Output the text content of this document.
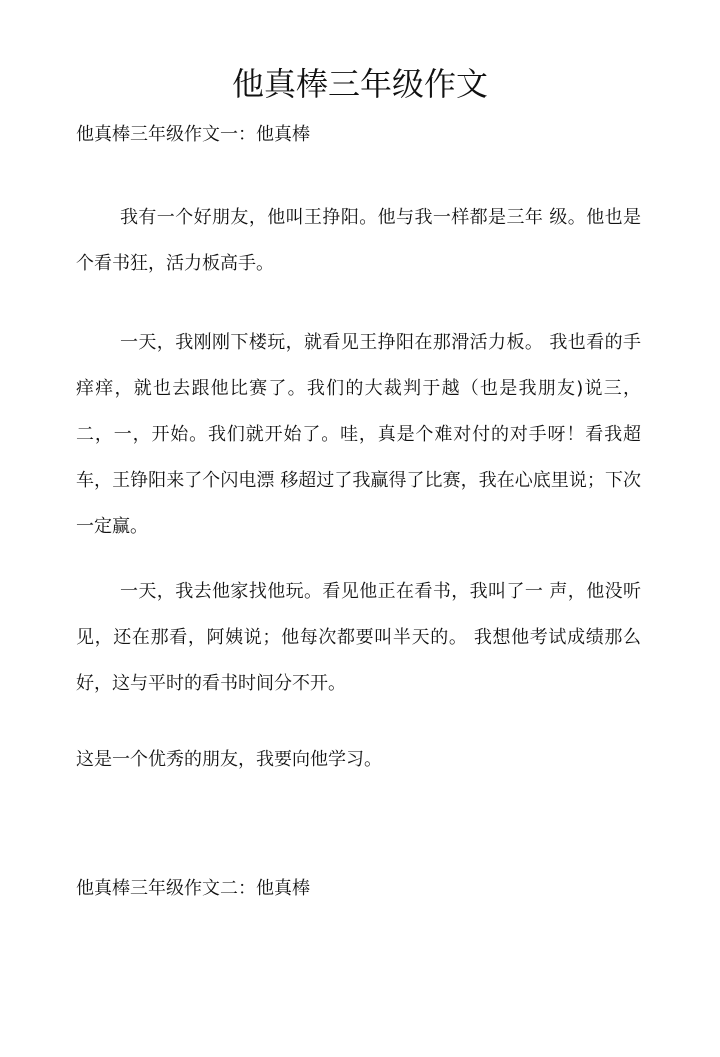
他真棒三年级作文
他真棒三年级作文一：他真棒

我有一个好朋友，他叫王挣阳。他与我一样都是三年 级。他也是个看书狂，活力板高手。

一天，我刚刚下楼玩，就看见王挣阳在那滑活力板。 我也看的手痒痒，就也去跟他比赛了。我们的大裁判于越（也是我朋友)说三，二，一，开始。我们就开始了。哇，真是个难对付的对手呀！看我超车，王铮阳来了个闪电漂 移超过了我赢得了比赛，我在心底里说；下次一定赢。

一天，我去他家找他玩。看见他正在看书，我叫了一 声，他没听见，还在那看，阿姨说；他每次都要叫半天的。 我想他考试成绩那么好，这与平时的看书时间分不开。

这是一个优秀的朋友，我要向他学习。

他真棒三年级作文二：他真棒
